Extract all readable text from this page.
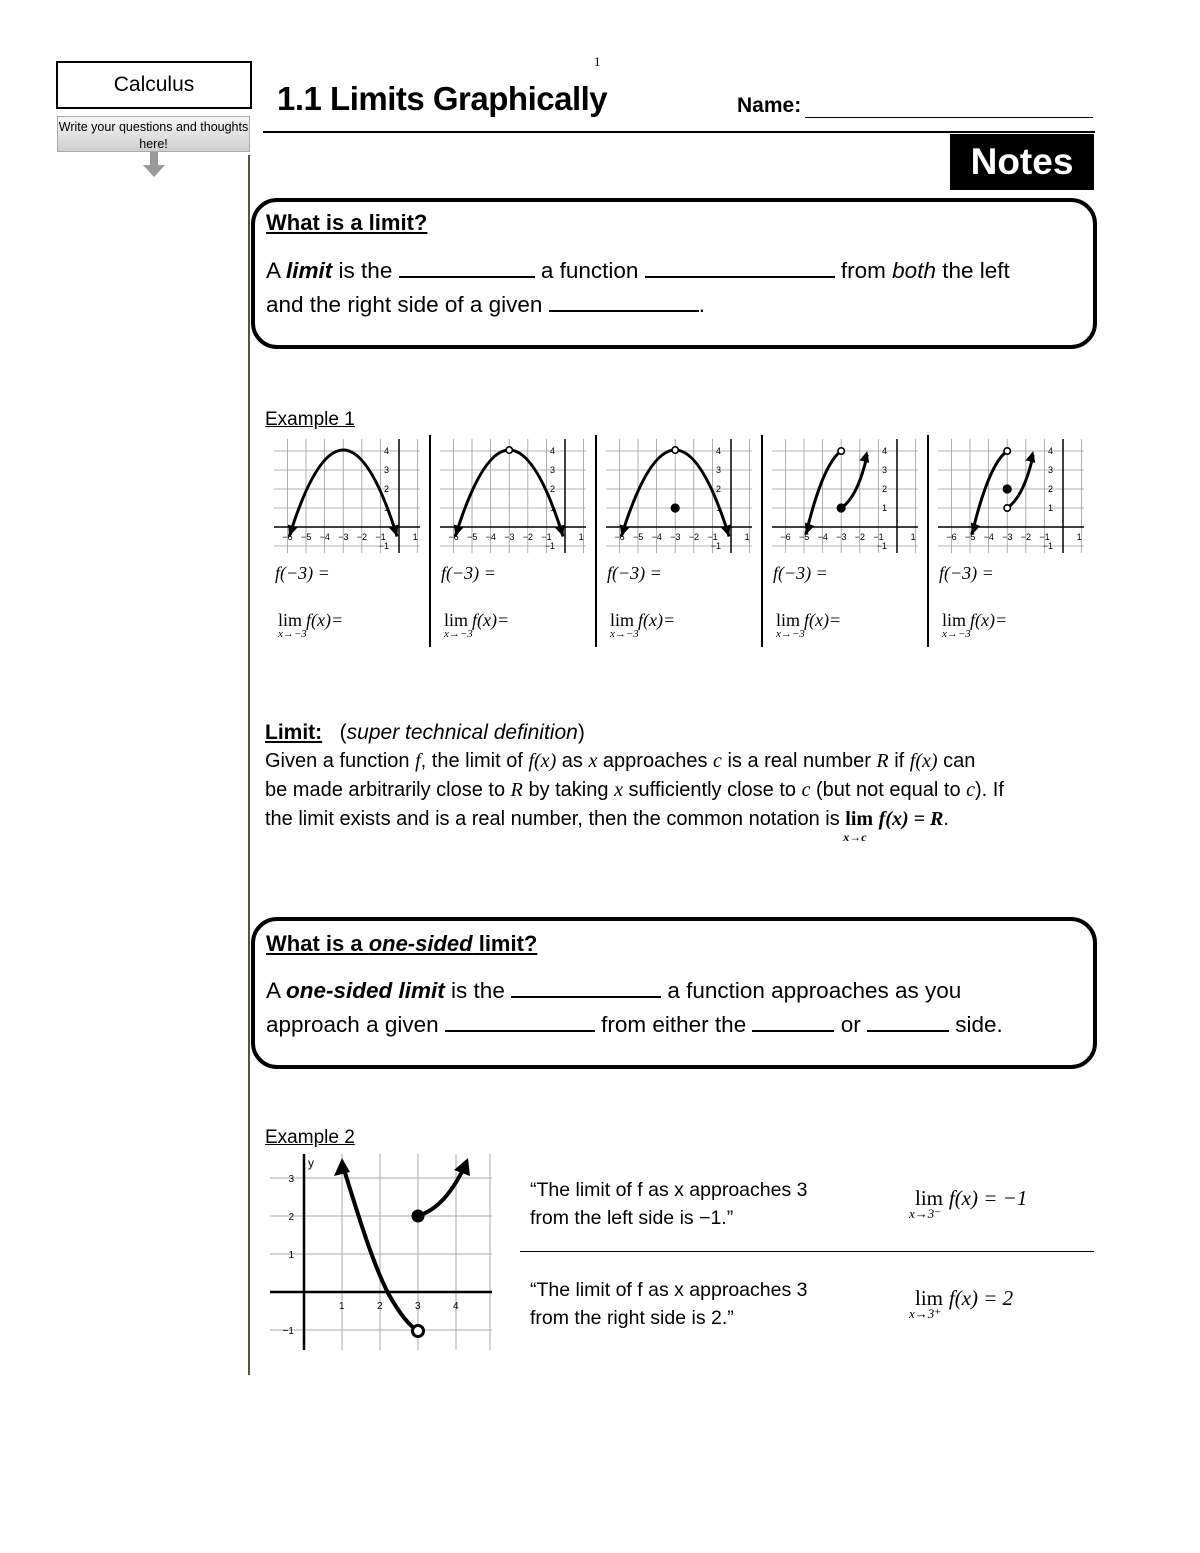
1
Calculus
Write your questions and thoughts here!
1.1 Limits Graphically	Name:
Notes
What is a limit?
A limit is the	a function	from both the left
and the right side of a given	.
Example 1
−6 −5 −4 −3 −2 −1	1
4
3
2
1
−1
f(−3) =
lim
x→−3
f(x)=
−6 −5 −4 −3 −2 −1	1
4
3
2
1
−1
f(−3) =
lim
x→−3
f(x)=
−6 −5 −4 −3 −2 −1	1
4
3
2
1
−1
f(−3) =
lim
x→−3
f(x)=
−6 −5 −4 −3 −2 −1	1
4
3
2
1
−1
f(−3) =
lim
x→−3
f(x)=
−6 −5 −4 −3 −2 −1	1
4
3
2
1
−1
f(−3) =
lim
x→−3
f(x)=
Limit:   (super technical definition)
Given a function f, the limit of f(x) as x approaches c is a real number R if f(x) can
be made arbitrarily close to R by taking x sufficiently close to c (but not equal to c). If
the limit exists and is a real number, then the common notation is lim
x→c
f(x) = R.
What is a one-sided limit?
A one-sided limit is the	a function approaches as you
approach a given	from either the	or	side.
Example 2
y
1	2	3	4
3
2
1
−1
“The limit of f as x approaches 3
from the left side is −1.”
lim
x→3⁻
f(x) = −1
“The limit of f as x approaches 3
from the right side is 2.”
lim
x→3⁺
f(x) = 2
